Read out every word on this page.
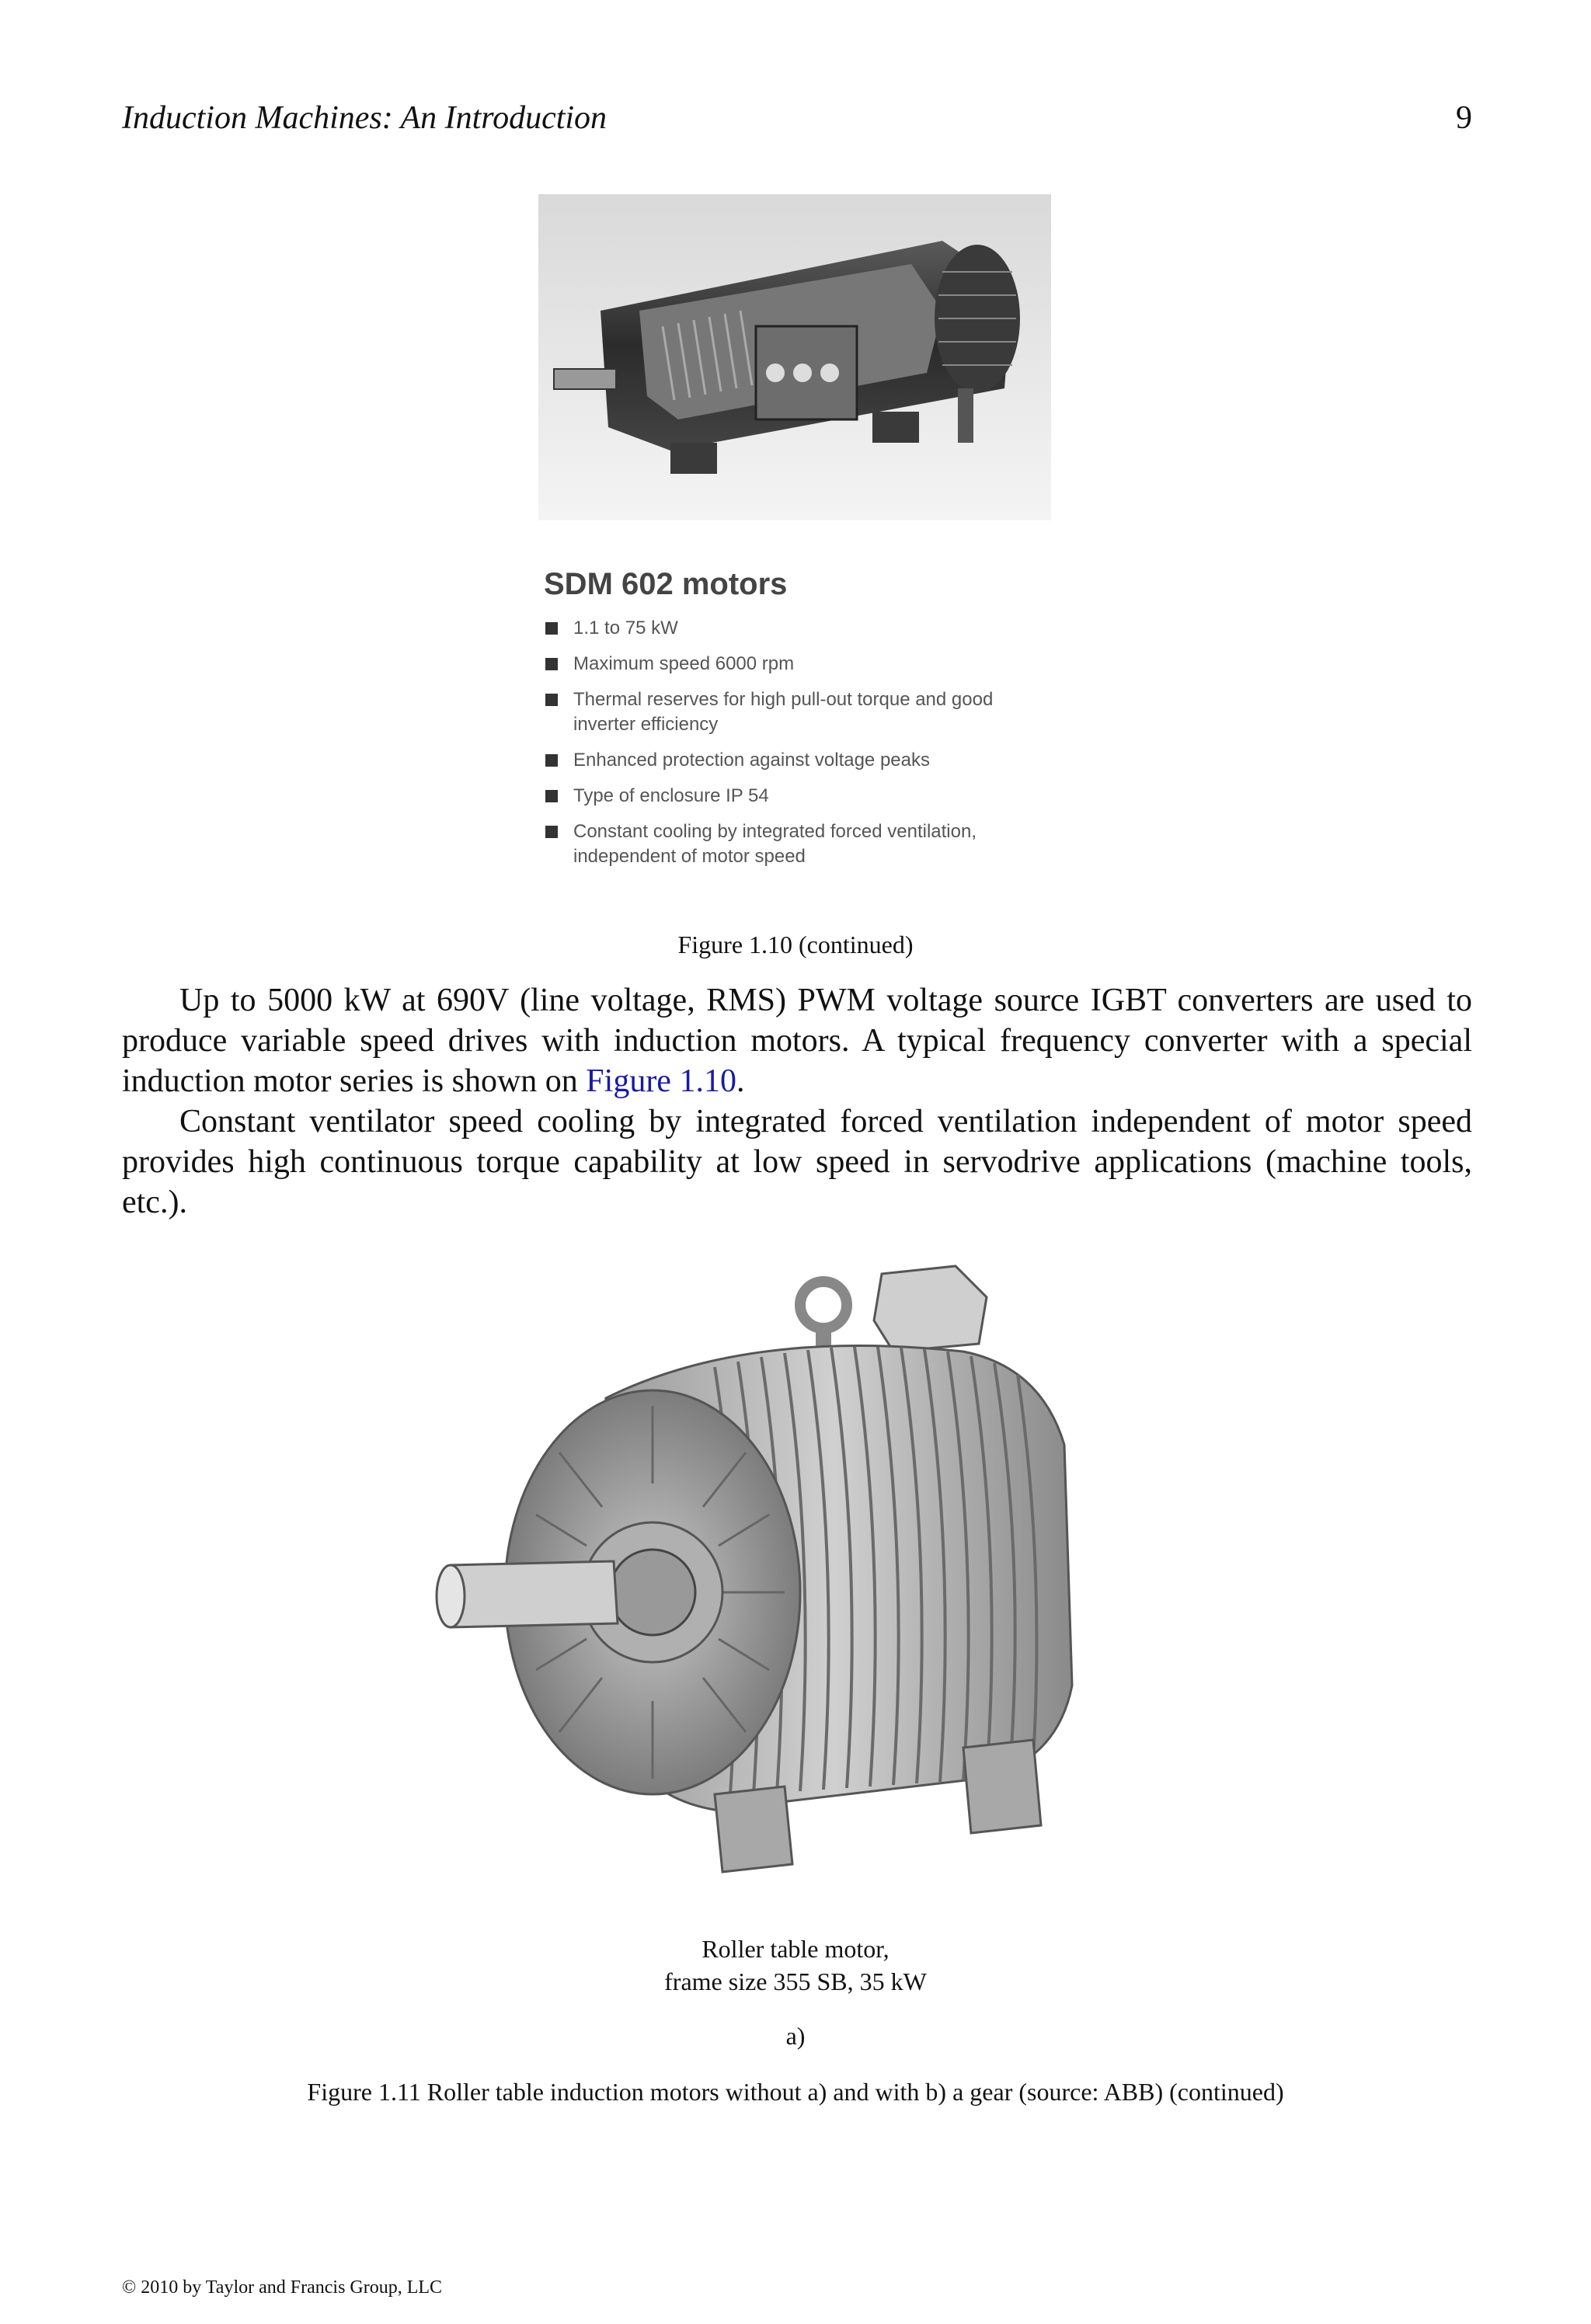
Induction Machines: An Introduction	9
SDM 602 motors
1.1 to 75 kW
Maximum speed 6000 rpm
Thermal reserves for high pull-out torque and good inverter efficiency
Enhanced protection against voltage peaks
Type of enclosure IP 54
Constant cooling by integrated forced ventilation, independent of motor speed
Figure 1.10 (continued)

Up to 5000 kW at 690V (line voltage, RMS) PWM voltage source IGBT converters are used to produce variable speed drives with induction motors. A typical frequency converter with a special induction motor series is shown on Figure 1.10.

Constant ventilator speed cooling by integrated forced ventilation independent of motor speed provides high continuous torque capability at low speed in servodrive applications (machine tools, etc.).

Roller table motor,
frame size 355 SB, 35 kW
a)
Figure 1.11 Roller table induction motors without a) and with b) a gear (source: ABB) (continued)
© 2010 by Taylor and Francis Group, LLC
